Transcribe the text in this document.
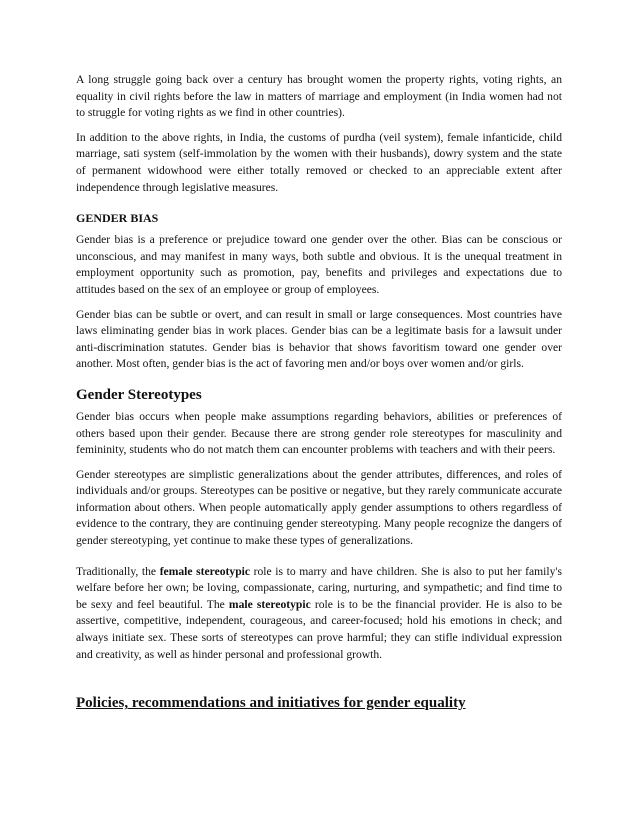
A long struggle going back over a century has brought women the property rights, voting rights, an equality in civil rights before the law in matters of marriage and employment (in India women had not to struggle for voting rights as we find in other countries).

In addition to the above rights, in India, the customs of purdha (veil system), female infanticide, child marriage, sati system (self-immolation by the women with their husbands), dowry system and the state of permanent widowhood were either totally removed or checked to an appreciable extent after independence through legislative measures.

GENDER BIAS

Gender bias is a preference or prejudice toward one gender over the other. Bias can be conscious or unconscious, and may manifest in many ways, both subtle and obvious. It is the unequal treatment in employment opportunity such as promotion, pay, benefits and privileges and expectations due to attitudes based on the sex of an employee or group of employees.

Gender bias can be subtle or overt, and can result in small or large consequences. Most countries have laws eliminating gender bias in work places. Gender bias can be a legitimate basis for a lawsuit under anti-discrimination statutes. Gender bias is behavior that shows favoritism toward one gender over another. Most often, gender bias is the act of favoring men and/or boys over women and/or girls.

Gender Stereotypes

Gender bias occurs when people make assumptions regarding behaviors, abilities or preferences of others based upon their gender. Because there are strong gender role stereotypes for masculinity and femininity, students who do not match them can encounter problems with teachers and with their peers.

Gender stereotypes are simplistic generalizations about the gender attributes, differences, and roles of individuals and/or groups. Stereotypes can be positive or negative, but they rarely communicate accurate information about others. When people automatically apply gender assumptions to others regardless of evidence to the contrary, they are continuing gender stereotyping. Many people recognize the dangers of gender stereotyping, yet continue to make these types of generalizations.

Traditionally, the female stereotypic role is to marry and have children. She is also to put her family's welfare before her own; be loving, compassionate, caring, nurturing, and sympathetic; and find time to be sexy and feel beautiful. The male stereotypic role is to be the financial provider. He is also to be assertive, competitive, independent, courageous, and career-focused; hold his emotions in check; and always initiate sex. These sorts of stereotypes can prove harmful; they can stifle individual expression and creativity, as well as hinder personal and professional growth.

Policies, recommendations and initiatives for gender equality
